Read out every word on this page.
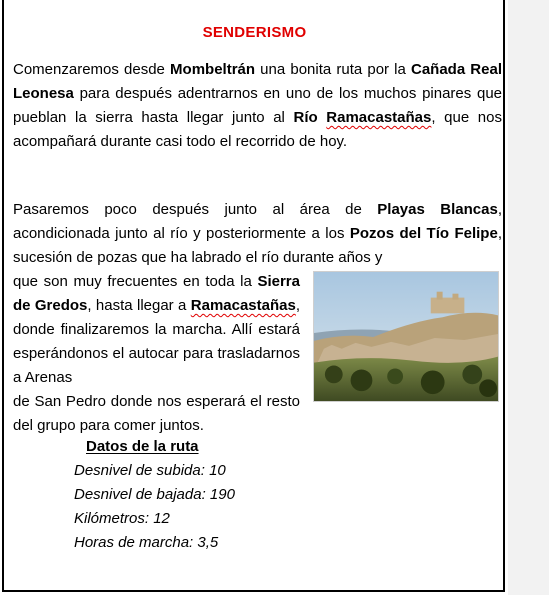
SENDERISMO
Comenzaremos desde Mombeltrán una bonita ruta por la Cañada Real Leonesa para después adentrarnos en uno de los muchos pinares que pueblan la sierra hasta llegar junto al Río Ramacastañas, que nos acompañará durante casi todo el recorrido de hoy.
Pasaremos poco después junto al área de Playas Blancas, acondicionada junto al río y posteriormente a los Pozos del Tío Felipe, sucesión de pozas que ha labrado el río durante años y
que son muy frecuentes en toda la Sierra de Gredos, hasta llegar a Ramacastañas, donde finalizaremos la marcha. Allí estará esperándonos el autocar para trasladarnos a Arenas
de San Pedro donde nos esperará el resto del grupo para comer juntos.
Datos de la ruta
Desnivel de subida: 10
Desnivel de bajada: 190
Kilómetros: 12
Horas de marcha: 3,5
